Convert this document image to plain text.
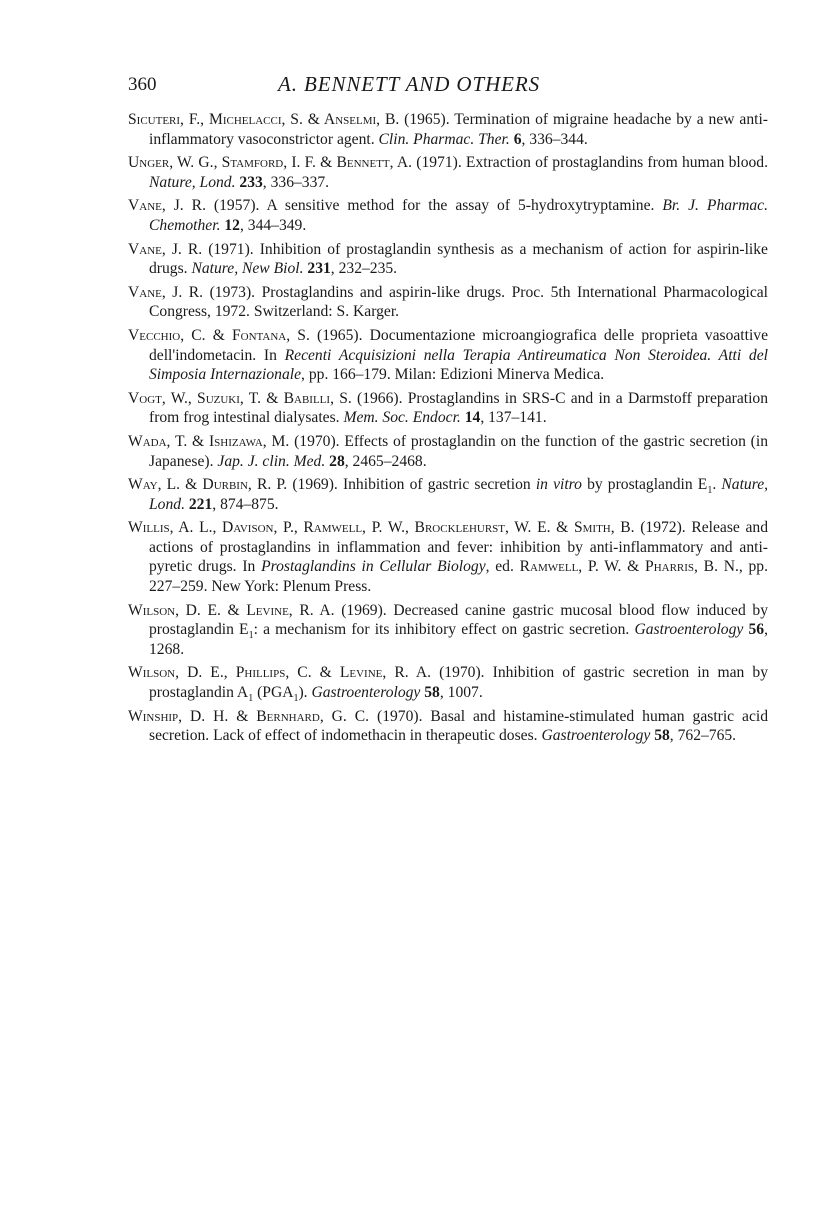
360	A. BENNETT AND OTHERS

Sicuteri, F., Michelacci, S. & Anselmi, B. (1965). Termination of migraine headache by a new anti-inflammatory vasoconstrictor agent. Clin. Pharmac. Ther. 6, 336–344.

Unger, W. G., Stamford, I. F. & Bennett, A. (1971). Extraction of prostaglandins from human blood. Nature, Lond. 233, 336–337.

Vane, J. R. (1957). A sensitive method for the assay of 5-hydroxytryptamine. Br. J. Pharmac. Chemother. 12, 344–349.

Vane, J. R. (1971). Inhibition of prostaglandin synthesis as a mechanism of action for aspirin-like drugs. Nature, New Biol. 231, 232–235.

Vane, J. R. (1973). Prostaglandins and aspirin-like drugs. Proc. 5th International Pharmacological Congress, 1972. Switzerland: S. Karger.

Vecchio, C. & Fontana, S. (1965). Documentazione microangiografica delle proprieta vasoattive dell'indometacin. In Recenti Acquisizioni nella Terapia Antireumatica Non Steroidea. Atti del Simposia Internazionale, pp. 166–179. Milan: Edizioni Minerva Medica.

Vogt, W., Suzuki, T. & Babilli, S. (1966). Prostaglandins in SRS-C and in a Darmstoff preparation from frog intestinal dialysates. Mem. Soc. Endocr. 14, 137–141.

Wada, T. & Ishizawa, M. (1970). Effects of prostaglandin on the function of the gastric secretion (in Japanese). Jap. J. clin. Med. 28, 2465–2468.

Way, L. & Durbin, R. P. (1969). Inhibition of gastric secretion in vitro by prostaglandin $E_1$. Nature, Lond. 221, 874–875.

Willis, A. L., Davison, P., Ramwell, P. W., Brocklehurst, W. E. & Smith, B. (1972). Release and actions of prostaglandins in inflammation and fever: inhibition by anti-inflammatory and anti-pyretic drugs. In Prostaglandins in Cellular Biology, ed. Ramwell, P. W. & Pharris, B. N., pp. 227–259. New York: Plenum Press.

Wilson, D. E. & Levine, R. A. (1969). Decreased canine gastric mucosal blood flow induced by prostaglandin $E_1$: a mechanism for its inhibitory effect on gastric secretion. Gastroenterology 56, 1268.

Wilson, D. E., Phillips, C. & Levine, R. A. (1970). Inhibition of gastric secretion in man by prostaglandin $A_1$ $(PGA_1)$. Gastroenterology 58, 1007.

Winship, D. H. & Bernhard, G. C. (1970). Basal and histamine-stimulated human gastric acid secretion. Lack of effect of indomethacin in therapeutic doses. Gastroenterology 58, 762–765.
